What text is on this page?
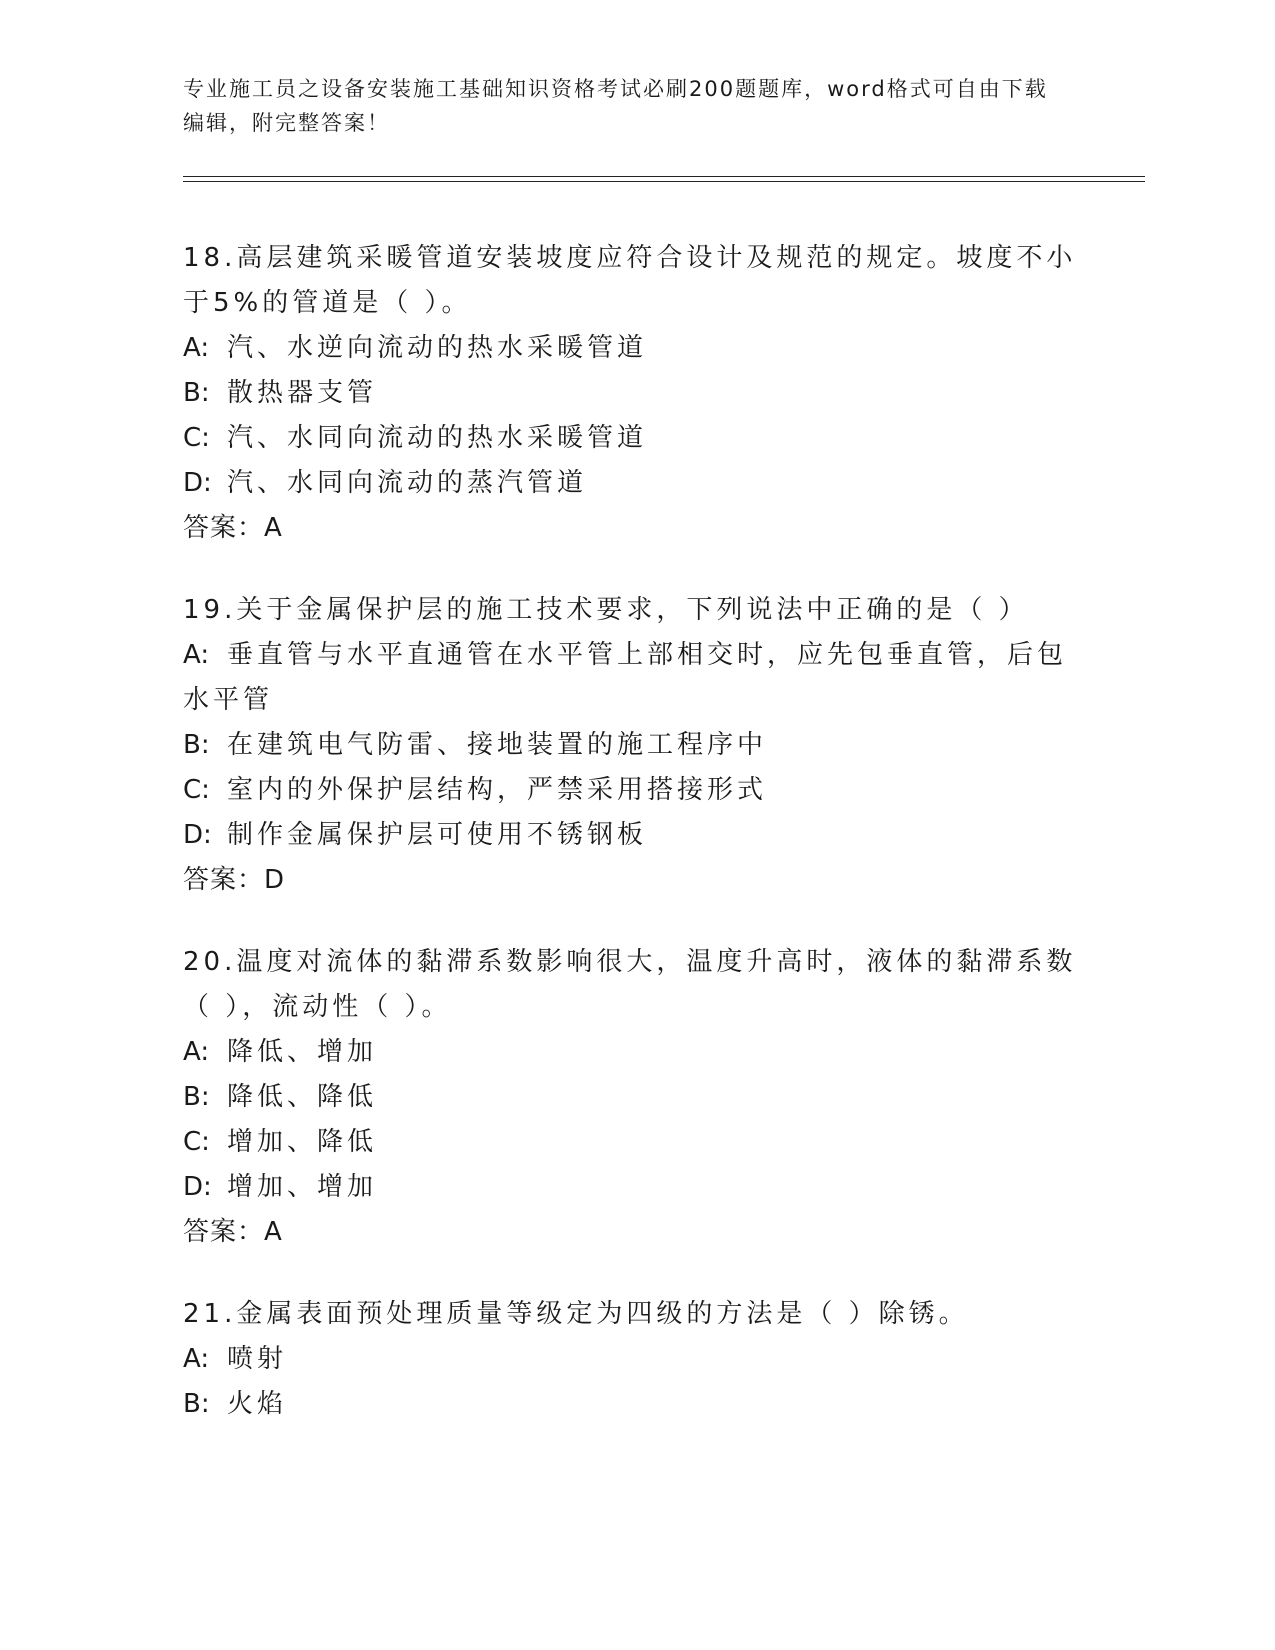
专业施工员之设备安装施工基础知识资格考试必刷200题题库，word格式可自由下载编辑，附完整答案！
18.高层建筑采暖管道安装坡度应符合设计及规范的规定。坡度不小于5%的管道是（ ）。
A: 汽、水逆向流动的热水采暖管道
B: 散热器支管
C: 汽、水同向流动的热水采暖管道
D: 汽、水同向流动的蒸汽管道
答案：A
19.关于金属保护层的施工技术要求，下列说法中正确的是（ ）
A: 垂直管与水平直通管在水平管上部相交时，应先包垂直管，后包水平管
B: 在建筑电气防雷、接地装置的施工程序中
C: 室内的外保护层结构，严禁采用搭接形式
D: 制作金属保护层可使用不锈钢板
答案：D
20.温度对流体的黏滞系数影响很大，温度升高时，液体的黏滞系数（ ），流动性（ ）。
A: 降低、增加
B: 降低、降低
C: 增加、降低
D: 增加、增加
答案：A
21.金属表面预处理质量等级定为四级的方法是（ ）除锈。
A: 喷射
B: 火焰
